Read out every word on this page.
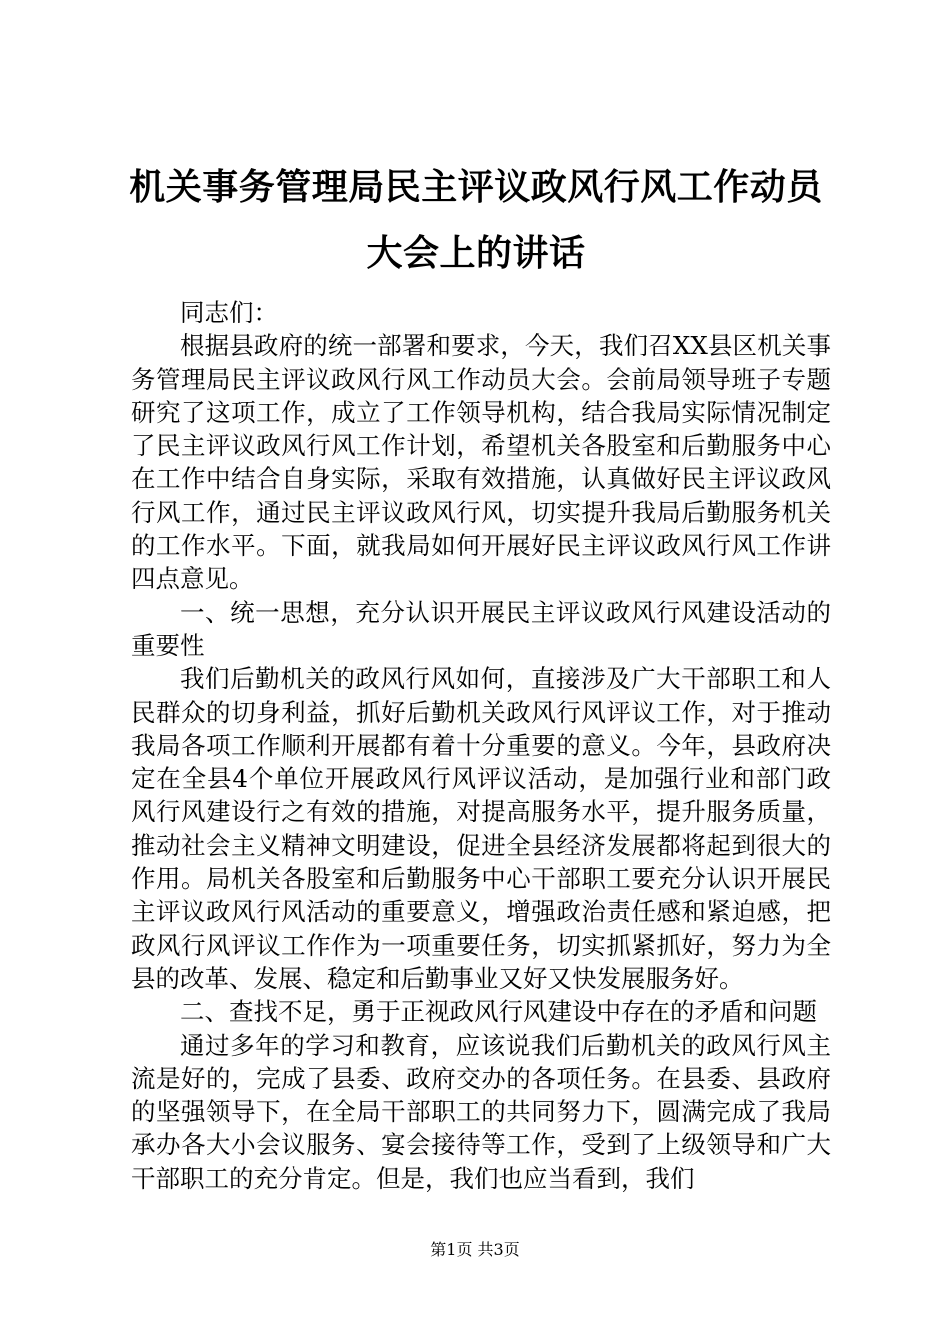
机关事务管理局民主评议政风行风工作动员大会上的讲话

同志们：

根据县政府的统一部署和要求，今天，我们召XX县区机关事务管理局民主评议政风行风工作动员大会。会前局领导班子专题研究了这项工作，成立了工作领导机构，结合我局实际情况制定了民主评议政风行风工作计划，希望机关各股室和后勤服务中心在工作中结合自身实际，采取有效措施，认真做好民主评议政风行风工作，通过民主评议政风行风，切实提升我局后勤服务机关的工作水平。下面，就我局如何开展好民主评议政风行风工作讲四点意见。

一、统一思想，充分认识开展民主评议政风行风建设活动的重要性

我们后勤机关的政风行风如何，直接涉及广大干部职工和人民群众的切身利益，抓好后勤机关政风行风评议工作，对于推动我局各项工作顺利开展都有着十分重要的意义。今年，县政府决定在全县4个单位开展政风行风评议活动，是加强行业和部门政风行风建设行之有效的措施，对提高服务水平，提升服务质量，推动社会主义精神文明建设，促进全县经济发展都将起到很大的作用。局机关各股室和后勤服务中心干部职工要充分认识开展民主评议政风行风活动的重要意义，增强政治责任感和紧迫感，把政风行风评议工作作为一项重要任务，切实抓紧抓好，努力为全县的改革、发展、稳定和后勤事业又好又快发展服务好。

二、查找不足，勇于正视政风行风建设中存在的矛盾和问题

通过多年的学习和教育，应该说我们后勤机关的政风行风主流是好的，完成了县委、政府交办的各项任务。在县委、县政府的坚强领导下，在全局干部职工的共同努力下，圆满完成了我局承办各大小会议服务、宴会接待等工作，受到了上级领导和广大干部职工的充分肯定。但是，我们也应当看到，我们

第1页 共3页
